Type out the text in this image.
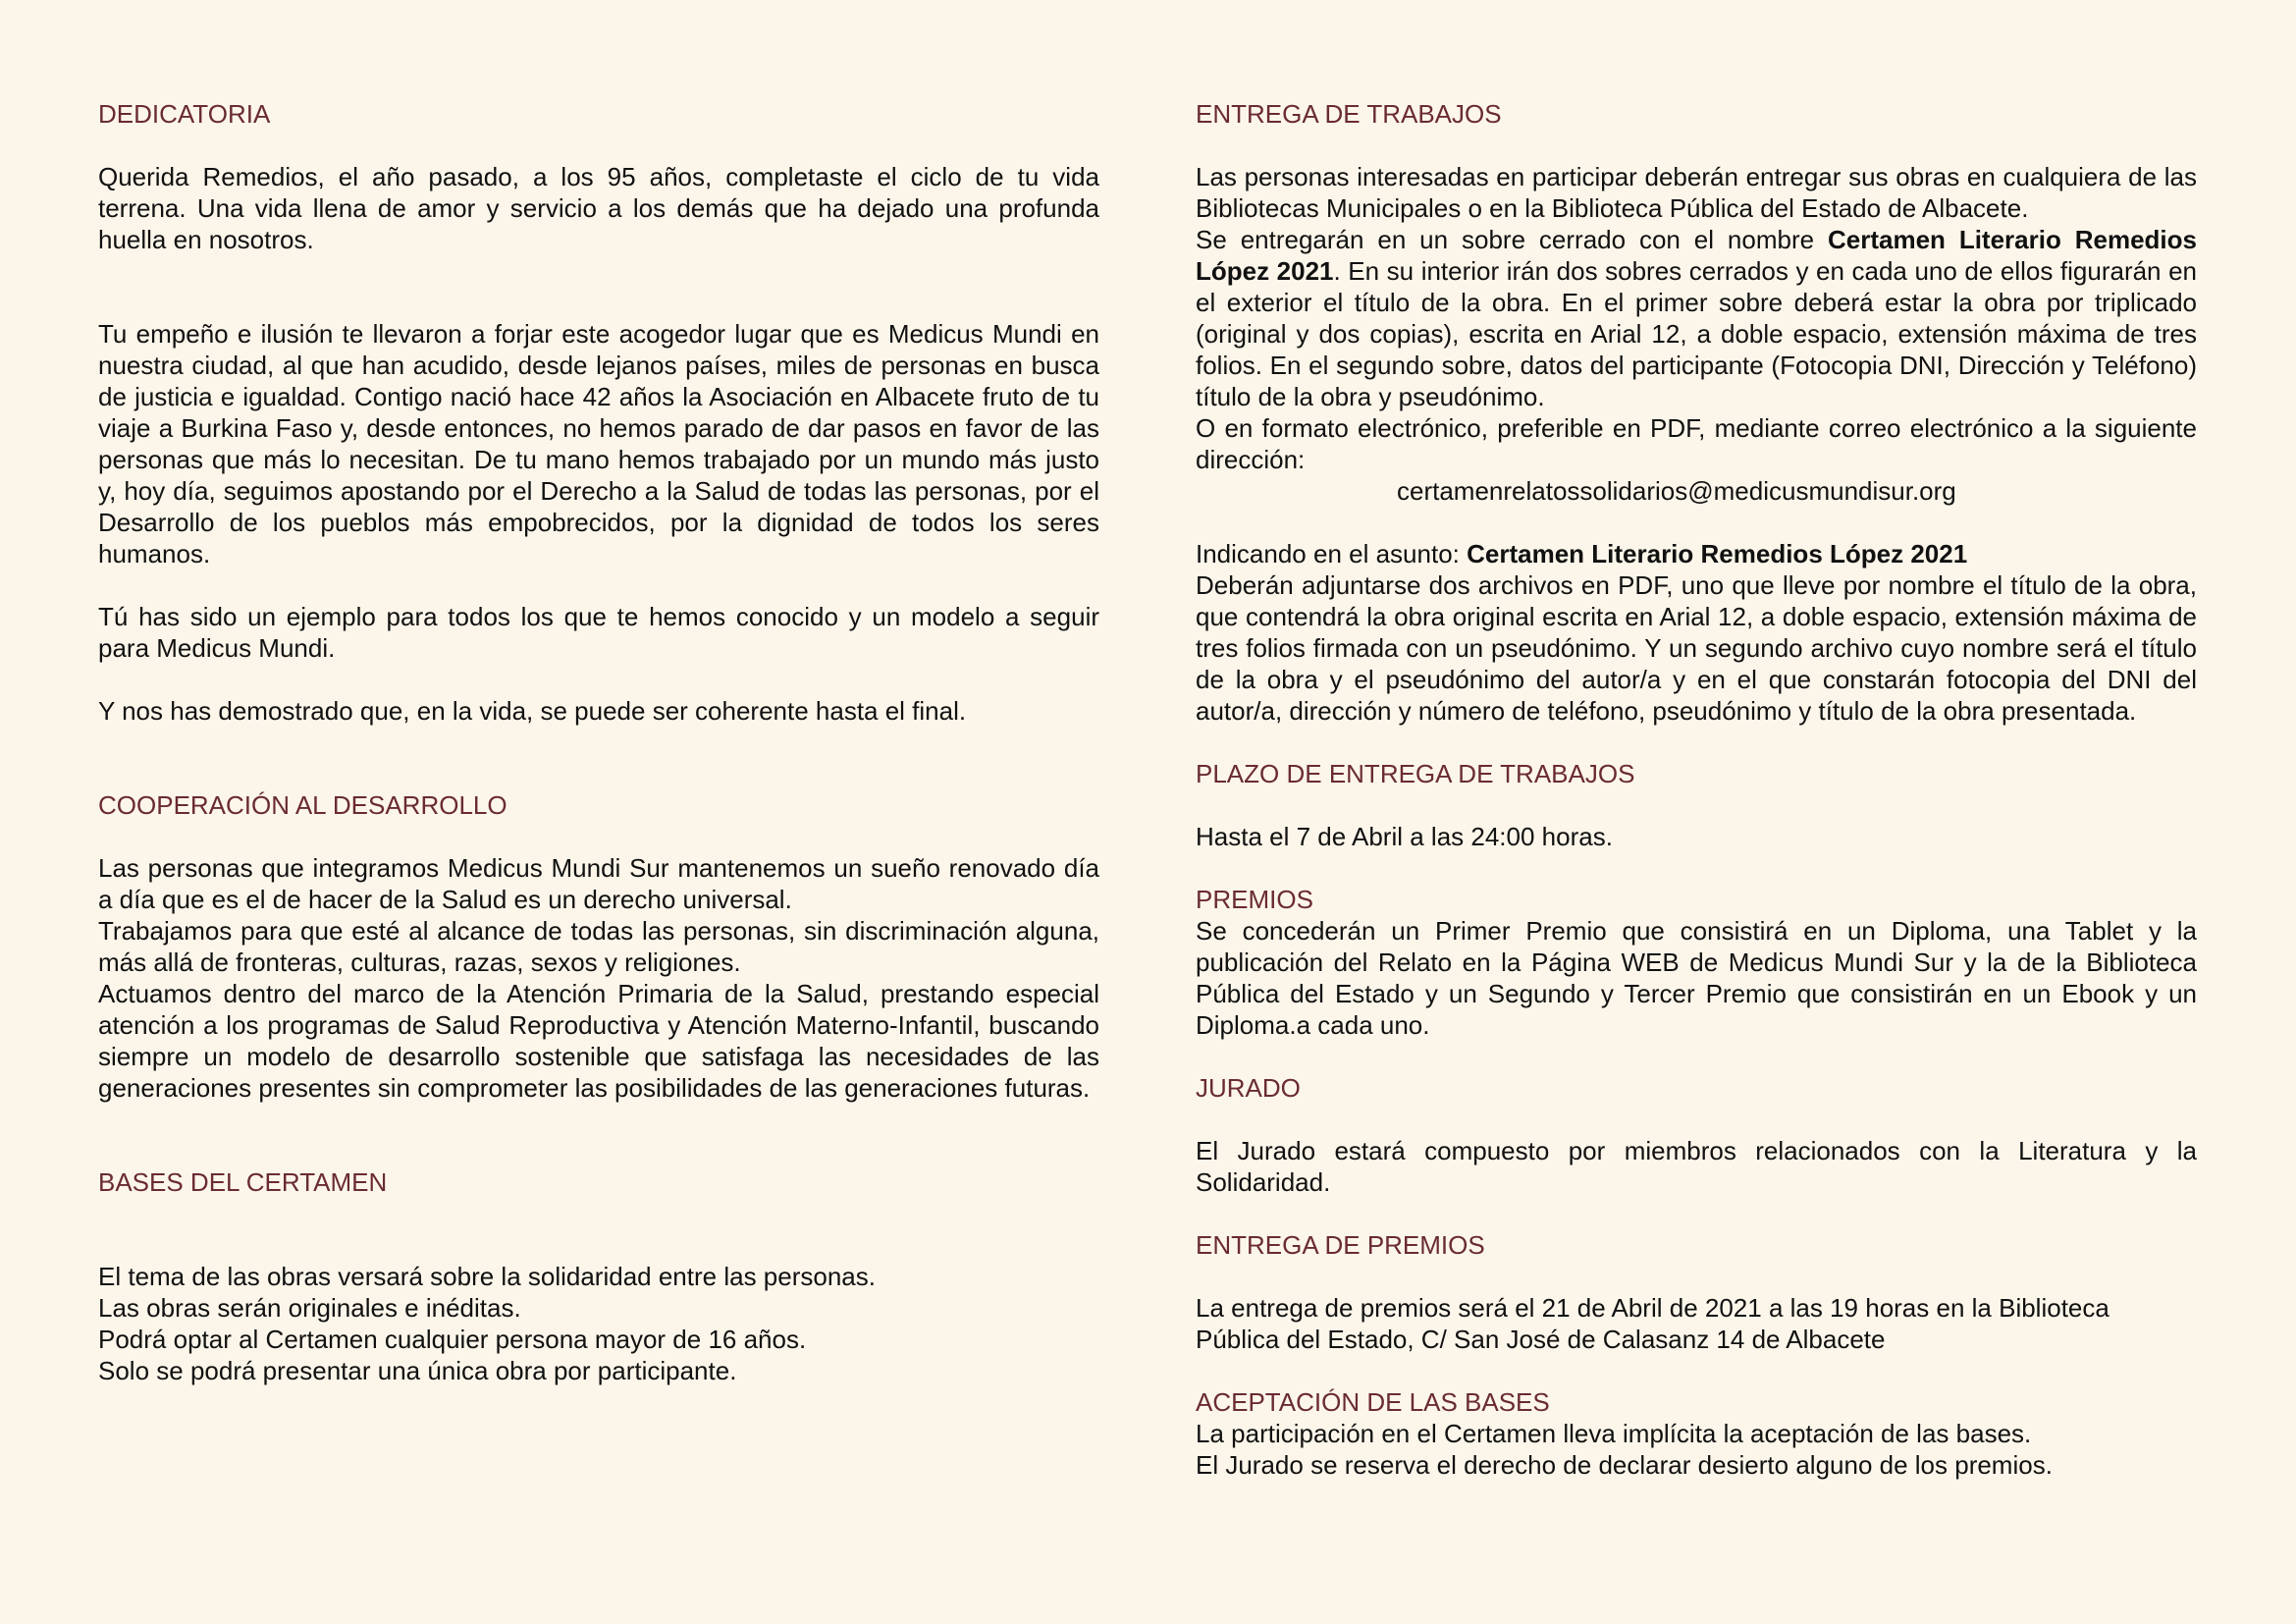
DEDICATORIA

Querida Remedios, el año pasado, a los 95 años, completaste el ciclo de tu vida terrena. Una vida llena de amor y servicio a los demás que ha dejado una profunda huella en nosotros.

Tu empeño e ilusión te llevaron a forjar este acogedor lugar que es Medicus Mundi en nuestra ciudad, al que han acudido, desde lejanos países, miles de personas en busca de justicia e igualdad. Contigo nació hace 42 años la Asociación en Albacete fruto de tu viaje a Burkina Faso y, desde entonces, no hemos parado de dar pasos en favor de las personas que más lo necesitan. De tu mano hemos trabajado por un mundo más justo y, hoy día, seguimos apostando por el Derecho a la Salud de todas las personas, por el Desarrollo de los pueblos más empobrecidos, por la dignidad de todos los seres humanos.

Tú has sido un ejemplo para todos los que te hemos conocido y un modelo a seguir para Medicus Mundi.

Y nos has demostrado que, en la vida, se puede ser coherente hasta el final.

COOPERACIÓN AL DESARROLLO

Las personas que integramos Medicus Mundi Sur mantenemos un sueño renovado día a día que es el de hacer de la Salud es un derecho universal.

Trabajamos para que esté al alcance de todas las personas, sin discriminación alguna, más allá de fronteras, culturas, razas, sexos y religiones.

Actuamos dentro del marco de la Atención Primaria de la Salud, prestando especial atención a los programas de Salud Reproductiva y Atención Materno-Infantil, buscando siempre un modelo de desarrollo sostenible que satisfaga las necesidades de las generaciones presentes sin comprometer las posibilidades de las generaciones futuras.

BASES DEL CERTAMEN

El tema de las obras versará sobre la solidaridad entre las personas.

Las obras serán originales e inéditas.

Podrá optar al Certamen cualquier persona mayor de 16 años.

Solo se podrá presentar una única obra por participante.

ENTREGA DE TRABAJOS

Las personas interesadas en participar deberán entregar sus obras en cualquiera de las Bibliotecas Municipales o en la Biblioteca Pública del Estado de Albacete.

Se entregarán en un sobre cerrado con el nombre Certamen Literario Remedios López 2021. En su interior irán dos sobres cerrados y en cada uno de ellos figurarán en el exterior el título de la obra. En el primer sobre deberá estar la obra por triplicado (original y dos copias), escrita en Arial 12, a doble espacio, extensión máxima de tres folios. En el segundo sobre, datos del participante (Fotocopia DNI, Dirección y Teléfono) título de la obra y pseudónimo.

O en formato electrónico, preferible en PDF, mediante correo electrónico a la siguiente dirección:

certamenrelatossolidarios@medicusmundisur.org

Indicando en el asunto: Certamen Literario Remedios López 2021

Deberán adjuntarse dos archivos en PDF, uno que lleve por nombre el título de la obra, que contendrá la obra original escrita en Arial 12, a doble espacio, extensión máxima de tres folios firmada con un pseudónimo. Y un segundo archivo cuyo nombre será el título de la obra y el pseudónimo del autor/a y en el que constarán fotocopia del DNI del autor/a, dirección y número de teléfono, pseudónimo y título de la obra presentada.

PLAZO DE ENTREGA DE TRABAJOS

Hasta el 7 de Abril a las 24:00 horas.

PREMIOS

Se concederán un Primer Premio que consistirá en un Diploma, una Tablet y la publicación del Relato en la Página WEB de Medicus Mundi Sur y la de la Biblioteca Pública del Estado y un Segundo y Tercer Premio que consistirán en un Ebook y un Diploma.a cada uno.

JURADO

El Jurado estará compuesto por miembros relacionados con la Literatura y la Solidaridad.

ENTREGA DE PREMIOS

La entrega de premios será el 21 de Abril de 2021 a las 19 horas en la Biblioteca Pública del Estado, C/ San José de Calasanz 14 de Albacete

ACEPTACIÓN DE LAS BASES

La participación en el Certamen lleva implícita la aceptación de las bases.

El Jurado se reserva el derecho de declarar desierto alguno de los premios.
